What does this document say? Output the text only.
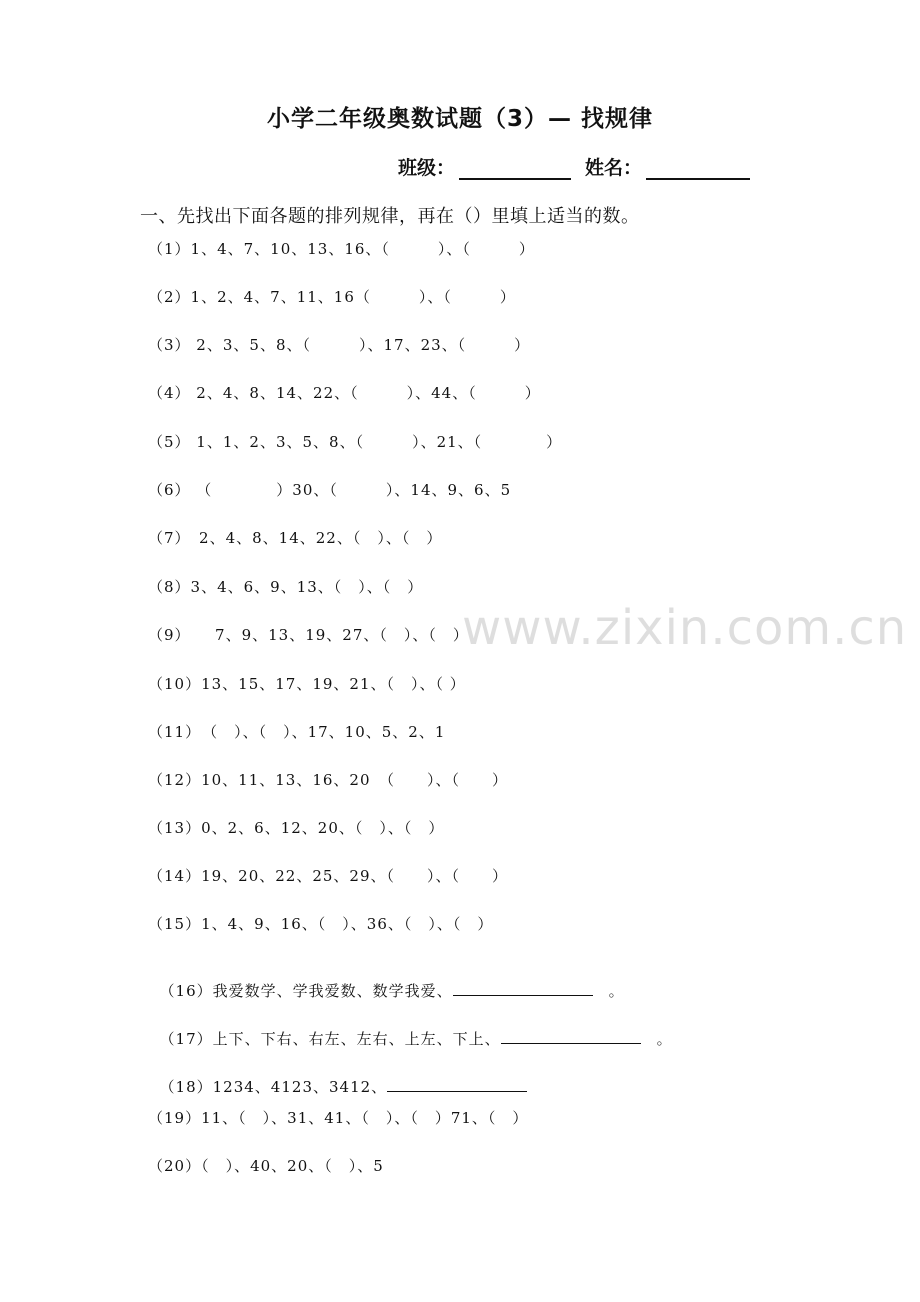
小学二年级奥数试题（3）— 找规律
班级：	姓名：
一、先找出下面各题的排列规律，再在（）里填上适当的数。
（1）1、4、7、10、13、16、（　　　）、（　　　）
（2）1、2、4、7、11、16（　　　）、（　　　）
（3） 2、3、5、8、（　　　）、17、23、（　　　）
（4） 2、4、8、14、22、（　　　）、44、（　　　）
（5） 1、1、2、3、5、8、（　　　）、21、（　　　　）
（6） （　　　　）30、（　　　）、14、9、6、5
（7）　2、4、8、14、22、（　）、（　）
（8）3、4、6、9、13、（　）、（　）
（9）　　7、9、13、19、27、（　）、（　）
（10）13、15、17、19、21、（　）、（ ）
（11）　（　）、（　）、17、10、5、2、1
（12）10、11、13、16、20　（　　）、（　　）
（13）0、2、6、12、20、（　）、（　）
（14）19、20、22、25、29、（　　）、（　　）
（15）1、4、9、16、（　）、36、（　）、（　）

（16）我爱数学、学我爱数、数学我爱、	　。

（17）上下、下右、右左、左右、上左、下上、	　。

（18）1234、4123、3412、

（19）11、（　）、31、41、（　）、（　）71、（　）
（20）（　）、40、20、（　）、5
www.zixin.com.cn
